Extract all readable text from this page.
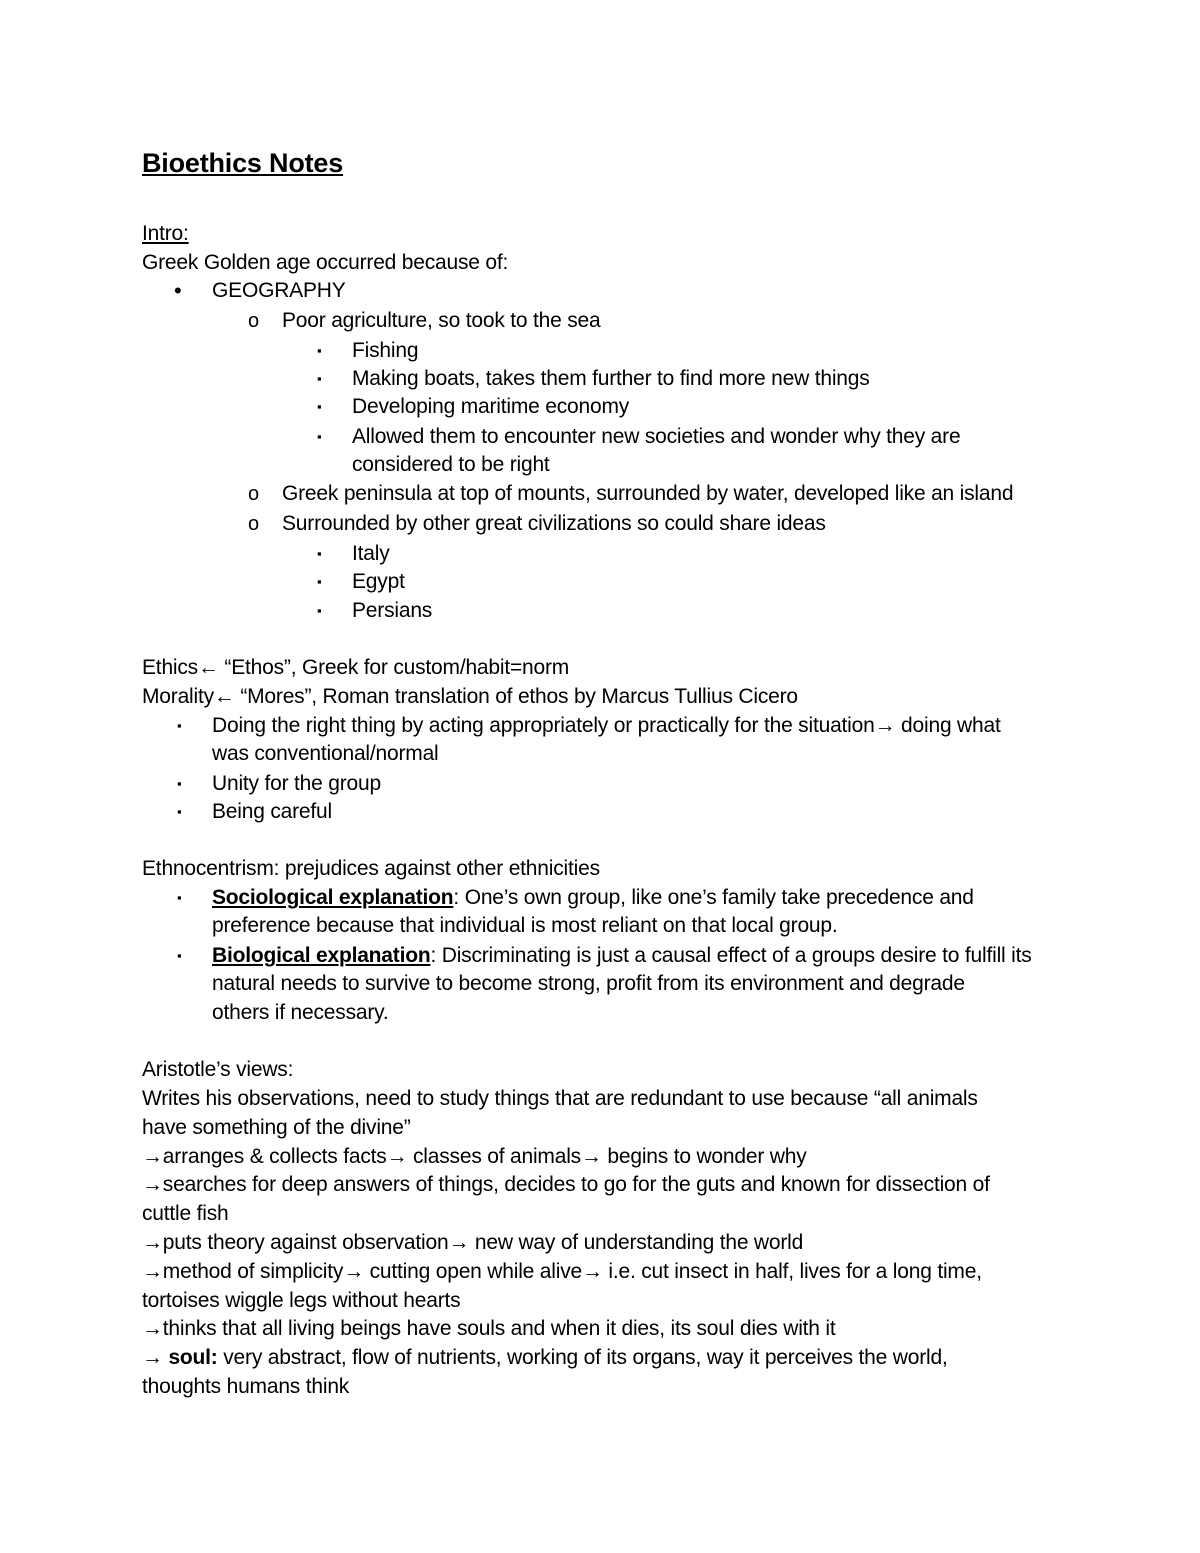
Bioethics Notes
Intro:
Greek Golden age occurred because of:
• GEOGRAPHY
o Poor agriculture, so took to the sea
▪ Fishing
▪ Making boats, takes them further to find more new things
▪ Developing maritime economy
▪ Allowed them to encounter new societies and wonder why they are
considered to be right
o Greek peninsula at top of mounts, surrounded by water, developed like an island
o Surrounded by other great civilizations so could share ideas
▪ Italy
▪ Egypt
▪ Persians
Ethics← “Ethos”, Greek for custom/habit=norm
Morality← “Mores”, Roman translation of ethos by Marcus Tullius Cicero
▪ Doing the right thing by acting appropriately or practically for the situation→ doing what
was conventional/normal
▪ Unity for the group
▪ Being careful
Ethnocentrism: prejudices against other ethnicities
▪ Sociological explanation: One’s own group, like one’s family take precedence and
preference because that individual is most reliant on that local group.
▪ Biological explanation: Discriminating is just a causal effect of a groups desire to fulfill its
natural needs to survive to become strong, profit from its environment and degrade
others if necessary.
Aristotle’s views:
Writes his observations, need to study things that are redundant to use because “all animals
have something of the divine”
→arranges & collects facts→ classes of animals→ begins to wonder why
→searches for deep answers of things, decides to go for the guts and known for dissection of
cuttle fish
→puts theory against observation→ new way of understanding the world
→method of simplicity→ cutting open while alive→ i.e. cut insect in half, lives for a long time,
tortoises wiggle legs without hearts
→thinks that all living beings have souls and when it dies, its soul dies with it
→ soul: very abstract, flow of nutrients, working of its organs, way it perceives the world,
thoughts humans think
